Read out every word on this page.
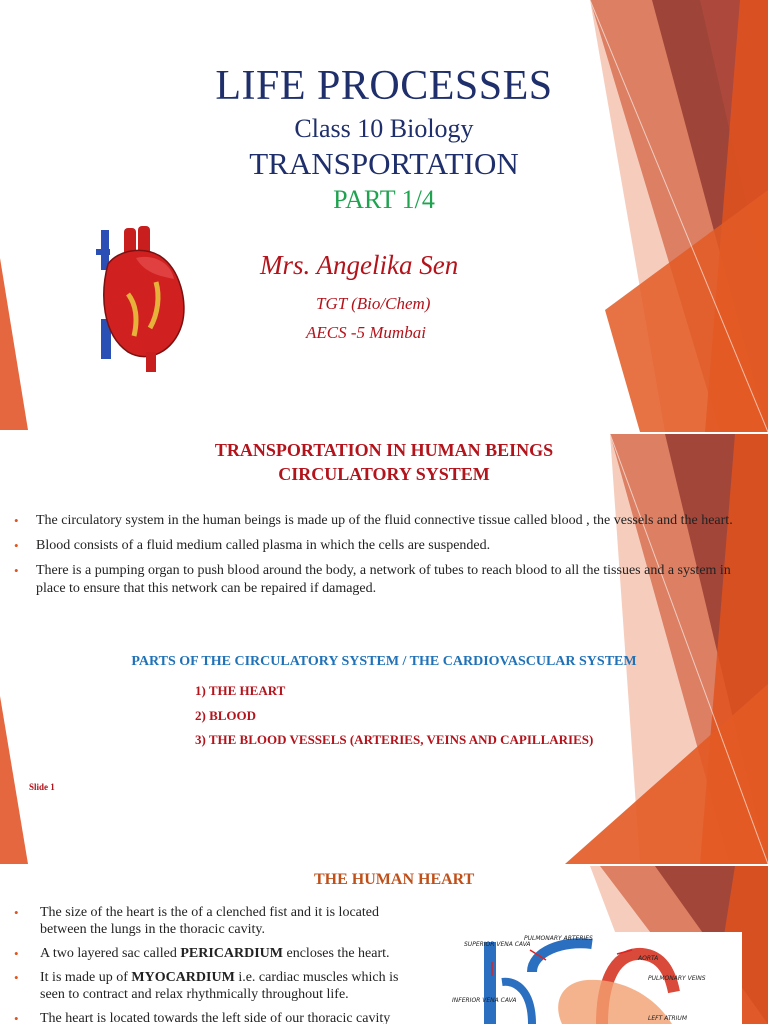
LIFE PROCESSES
Class 10 Biology
TRANSPORTATION
PART 1/4
Mrs. Angelika Sen
TGT (Bio/Chem)
AECS -5 Mumbai
TRANSPORTATION IN HUMAN BEINGS
CIRCULATORY SYSTEM
• The circulatory system in the human beings is made up of the fluid connective tissue called blood , the vessels and the heart.
• Blood consists of a fluid medium called plasma in which the cells are suspended.
• There is a pumping organ to push blood around the body, a network of tubes to reach blood to all the tissues and a system in place to ensure that this network can be repaired if damaged.
PARTS OF THE CIRCULATORY SYSTEM / THE CARDIOVASCULAR SYSTEM
1) THE HEART
2) BLOOD
3) THE BLOOD VESSELS (ARTERIES, VEINS AND CAPILLARIES)
Slide 1
THE HUMAN HEART
• The size of the heart is the of a clenched fist and it is located between the lungs in the thoracic cavity.
• A two layered sac called PERICARDIUM encloses the heart.
• It is made up of MYOCARDIUM i.e. cardiac muscles which is seen to contract and relax rhythmically throughout life.
• The heart is located towards the left side of our thoracic cavity
SUPERIOR VENA CAVA
PULMONARY ARTERIES
AORTA
PULMONARY VEINS
INFERIOR VENA CAVA
LEFT ATRIUM
